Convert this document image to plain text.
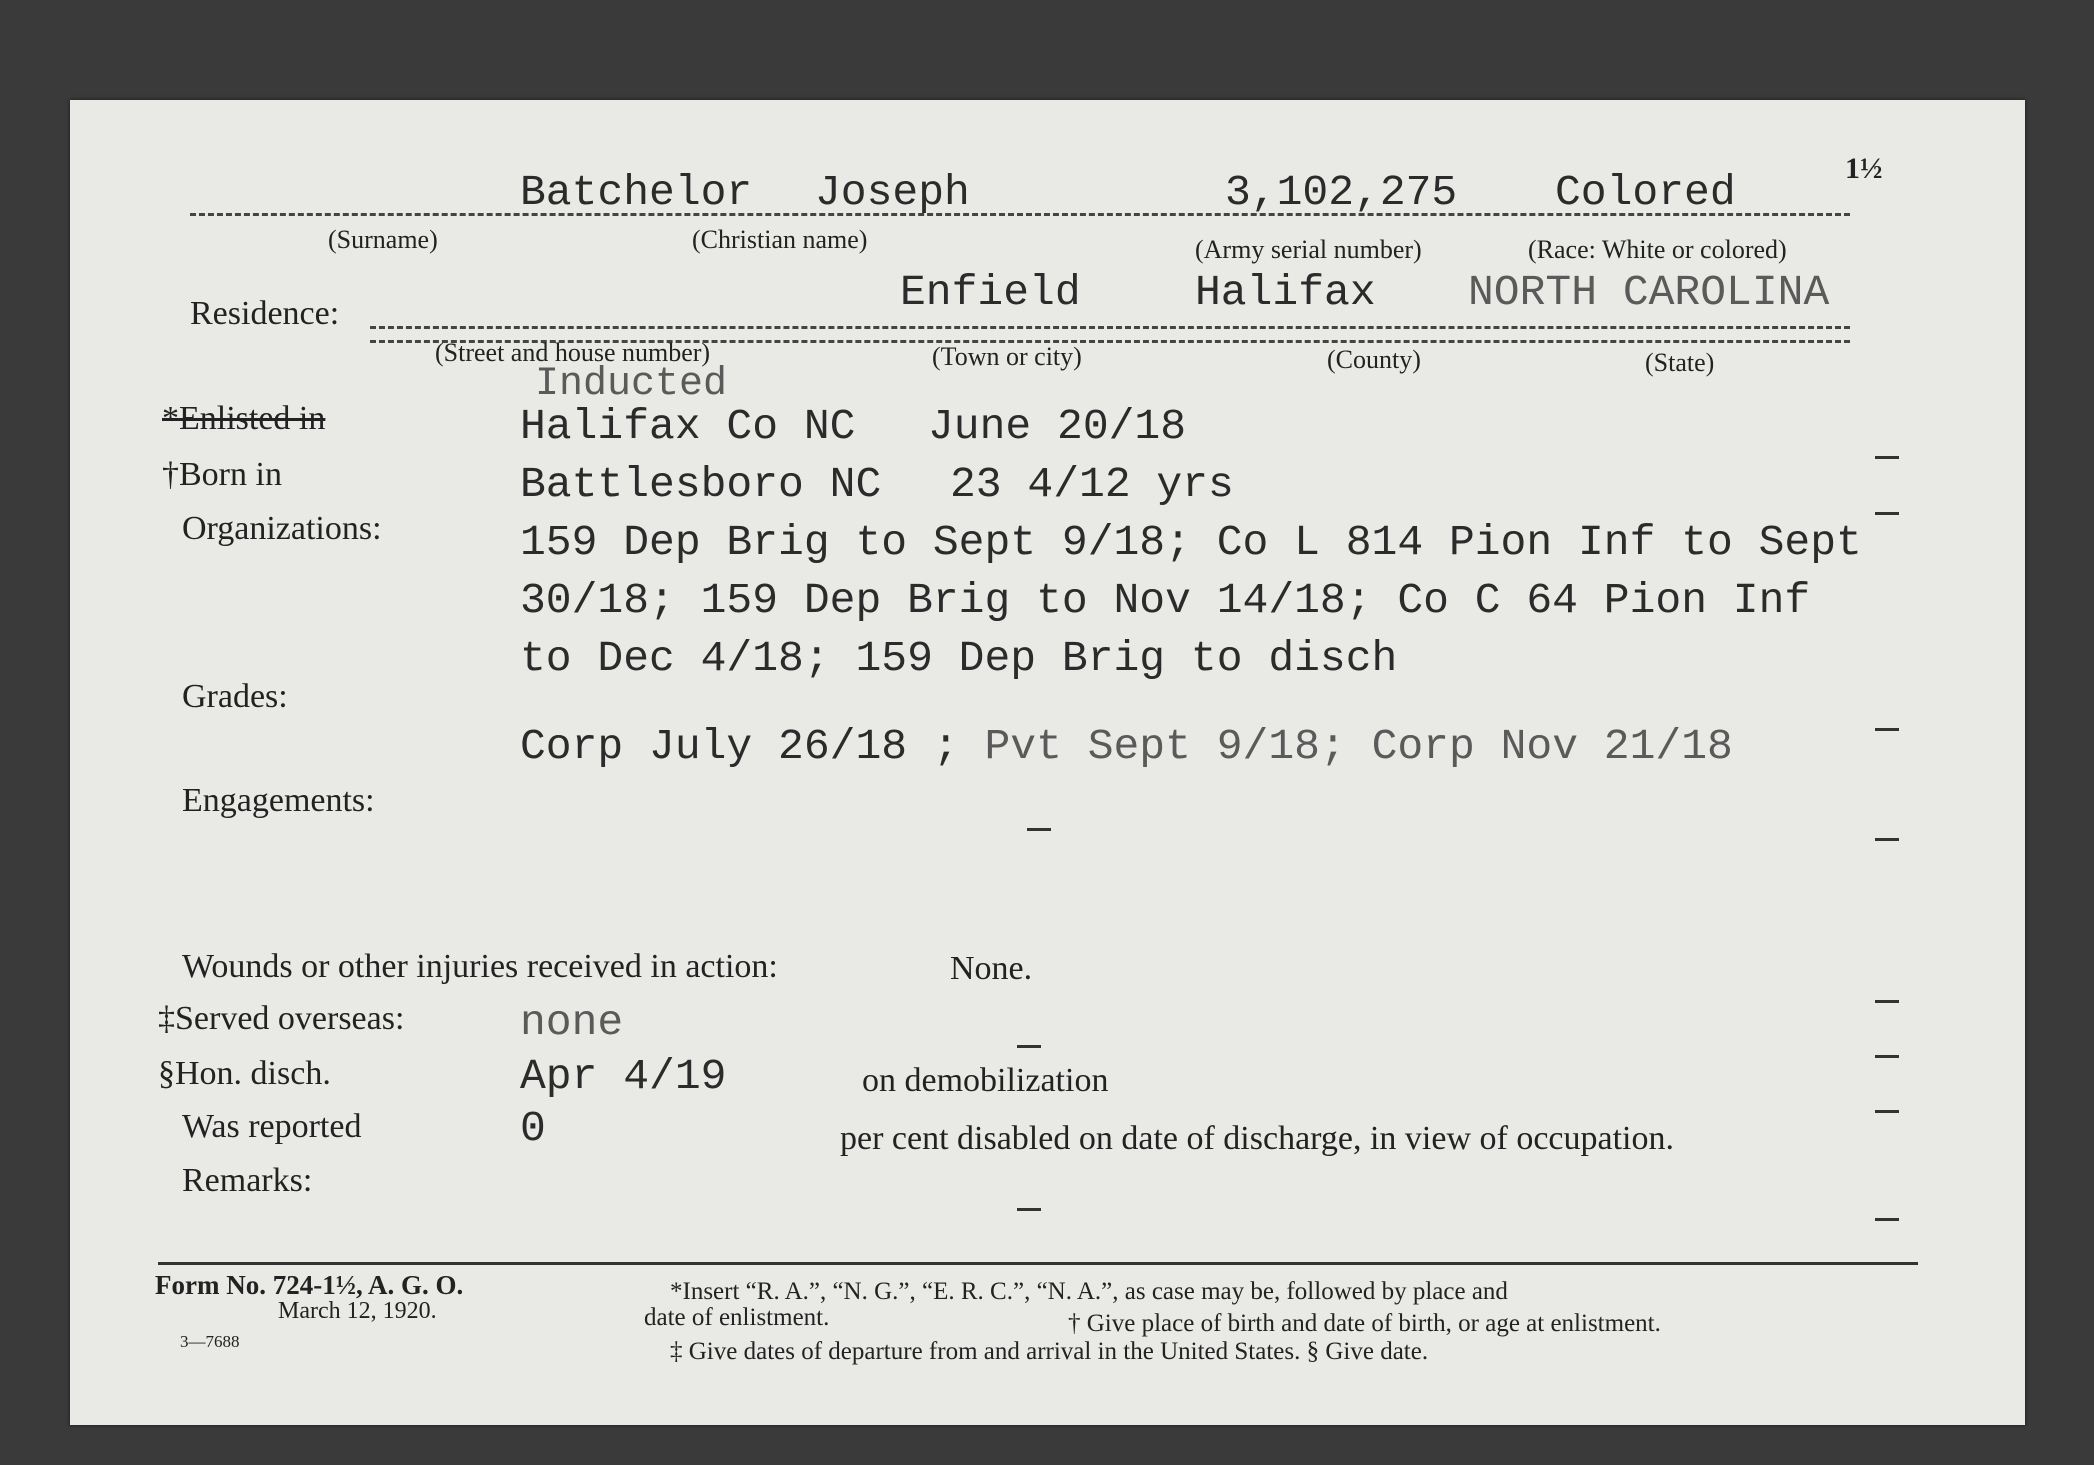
1½
Batchelor Joseph	3,102,275 Colored
(Surname)	(Christian name)	(Army serial number)	(Race: White or colored)
Enfield	Halifax NORTH CAROLINA
Residence:
(Street and house number)	(Town or city)	(County)	(State)
Inducted
*Enlisted in	Halifax Co NC June 20/18
†Born in	Battlesboro NC 23 4/12 yrs
Organizations:	159 Dep Brig to Sept 9/18; Co L 814 Pion Inf to Sept
30/18; 159 Dep Brig to Nov 14/18; Co C 64 Pion Inf
to Dec 4/18; 159 Dep Brig to disch
Grades:
Corp July 26/18 ; Pvt Sept 9/18; Corp Nov 21/18
Engagements:
Wounds or other injuries received in action:	None.
‡Served overseas:	none
§Hon. disch.	Apr 4/19	on demobilization
Was reported	0	per cent disabled on date of discharge, in view of occupation.
Remarks:
Form No. 724-1½, A. G. O.
March 12, 1920.
3—7688
*Insert “R. A.”, “N. G.”, “E. R. C.”, “N. A.”, as case may be, followed by place and
date of enlistment.	† Give place of birth and date of birth, or age at enlistment.
‡ Give dates of departure from and arrival in the United States. § Give date.
